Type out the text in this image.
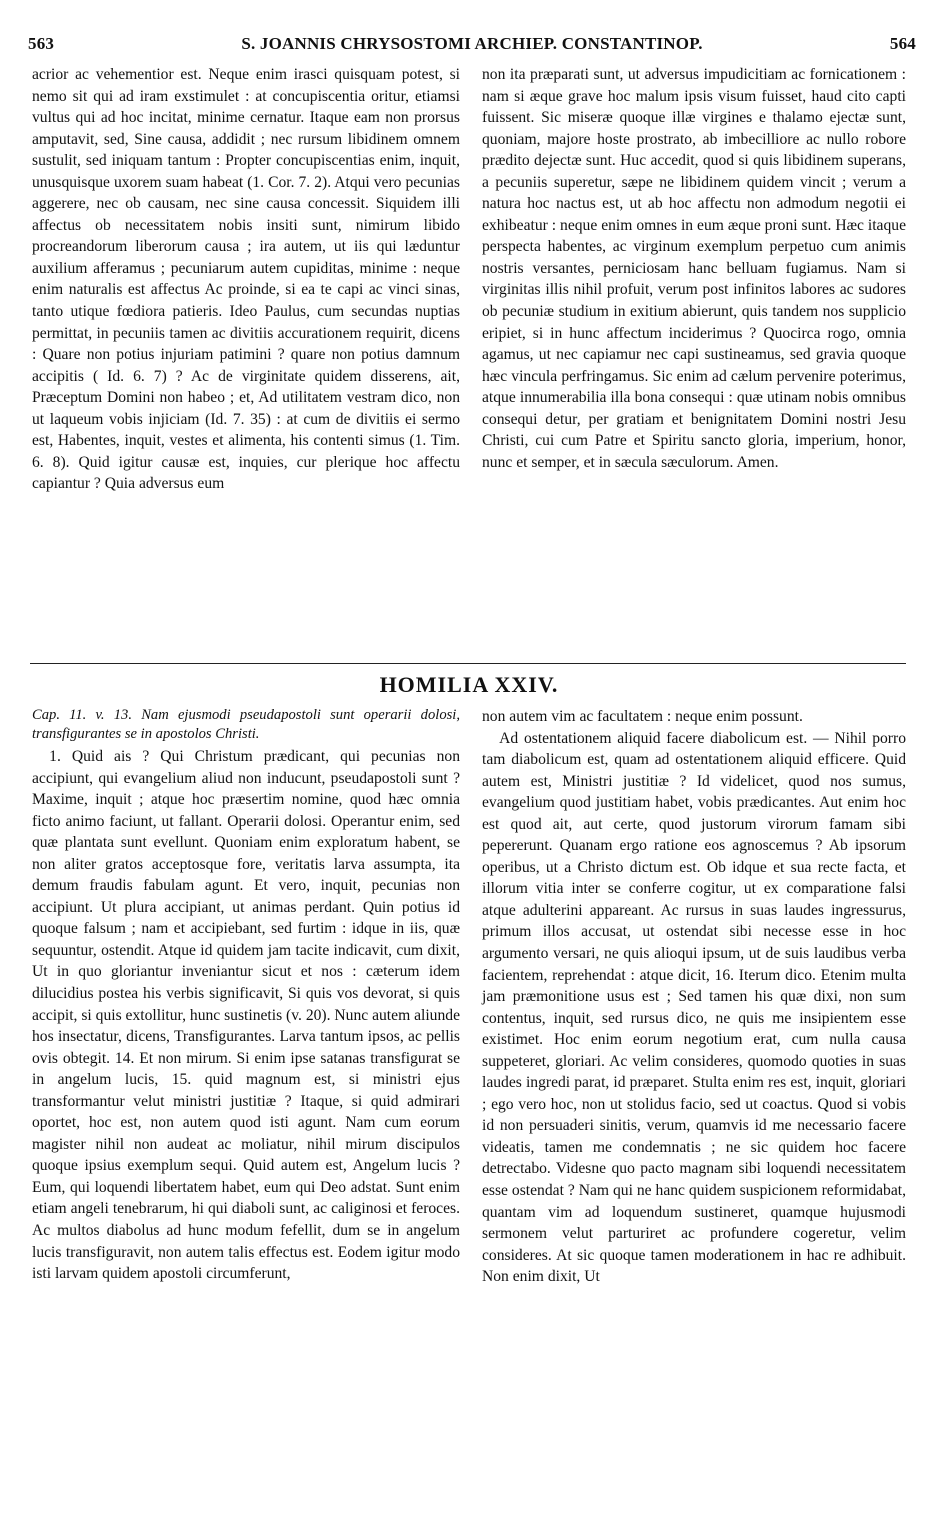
563	S. JOANNIS CHRYSOSTOMI ARCHIEP. CONSTANTINOP.	564

acrior ac vehementior est. Neque enim irasci quisquam potest, si nemo sit qui ad iram exstimulet : at concupiscentia oritur, etiamsi vultus qui ad hoc incitat, minime cernatur. Itaque eam non prorsus amputavit, sed, Sine causa, addidit ; nec rursum libidinem omnem sustulit, sed iniquam tantum : Propter concupiscentias enim, inquit, unusquisque uxorem suam habeat (1. Cor. 7. 2). Atqui vero pecunias aggerere, nec ob causam, nec sine causa concessit. Siquidem illi affectus ob necessitatem nobis insiti sunt, nimirum libido procreandorum liberorum causa ; ira autem, ut iis qui læduntur auxilium afferamus ; pecuniarum autem cupiditas, minime : neque enim naturalis est affectus Ac proinde, si ea te capi ac vinci sinas, tanto utique fœdiora patieris. Ideo Paulus, cum secundas nuptias permittat, in pecuniis tamen ac divitiis accurationem requirit, dicens : Quare non potius injuriam patimini ? quare non potius damnum accipitis ( Id. 6. 7) ? Ac de virginitate quidem disserens, ait, Præceptum Domini non habeo ; et, Ad utilitatem vestram dico, non ut laqueum vobis injiciam (Id. 7. 35) : at cum de divitiis ei sermo est, Habentes, inquit, vestes et alimenta, his contenti simus (1. Tim. 6. 8). Quid igitur causæ est, inquies, cur plerique hoc affectu capiantur ? Quia adversus eum

non ita præparati sunt, ut adversus impudicitiam ac fornicationem : nam si æque grave hoc malum ipsis visum fuisset, haud cito capti fuissent. Sic miseræ quoque illæ virgines e thalamo ejectæ sunt, quoniam, majore hoste prostrato, ab imbecilliore ac nullo robore prædito dejectæ sunt. Huc accedit, quod si quis libidinem superans, a pecuniis superetur, sæpe ne libidinem quidem vincit ; verum a natura hoc nactus est, ut ab hoc affectu non admodum negotii ei exhibeatur : neque enim omnes in eum æque proni sunt. Hæc itaque perspecta habentes, ac virginum exemplum perpetuo cum animis nostris versantes, perniciosam hanc belluam fugiamus. Nam si virginitas illis nihil profuit, verum post infinitos labores ac sudores ob pecuniæ studium in exitium abierunt, quis tandem nos supplicio eripiet, si in hunc affectum inciderimus ? Quocirca rogo, omnia agamus, ut nec capiamur nec capi sustineamus, sed gravia quoque hæc vincula perfringamus. Sic enim ad cælum pervenire poterimus, atque innumerabilia illa bona consequi : quæ utinam nobis omnibus consequi detur, per gratiam et benignitatem Domini nostri Jesu Christi, cui cum Patre et Spiritu sancto gloria, imperium, honor, nunc et semper, et in sæcula sæculorum. Amen.

HOMILIA XXIV.

Cap. 11. v. 13. Nam ejusmodi pseudapostoli sunt operarii dolosi, transfigurantes se in apostolos Christi.

1. Quid ais ? Qui Christum prædicant, qui pecunias non accipiunt, qui evangelium aliud non inducunt, pseudapostoli sunt ? Maxime, inquit ; atque hoc præsertim nomine, quod hæc omnia ficto animo faciunt, ut fallant. Operarii dolosi. Operantur enim, sed quæ plantata sunt evellunt. Quoniam enim exploratum habent, se non aliter gratos acceptosque fore, veritatis larva assumpta, ita demum fraudis fabulam agunt. Et vero, inquit, pecunias non accipiunt. Ut plura accipiant, ut animas perdant. Quin potius id quoque falsum ; nam et accipiebant, sed furtim : idque in iis, quæ sequuntur, ostendit. Atque id quidem jam tacite indicavit, cum dixit, Ut in quo gloriantur inveniantur sicut et nos : cæterum idem dilucidius postea his verbis significavit, Si quis vos devorat, si quis accipit, si quis extollitur, hunc sustinetis (v. 20). Nunc autem aliunde hos insectatur, dicens, Transfigurantes. Larva tantum ipsos, ac pellis ovis obtegit. 14. Et non mirum. Si enim ipse satanas transfigurat se in angelum lucis, 15. quid magnum est, si ministri ejus transformantur velut ministri justitiæ ? Itaque, si quid admirari oportet, hoc est, non autem quod isti agunt. Nam cum eorum magister nihil non audeat ac moliatur, nihil mirum discipulos quoque ipsius exemplum sequi. Quid autem est, Angelum lucis ? Eum, qui loquendi libertatem habet, eum qui Deo adstat. Sunt enim etiam angeli tenebrarum, hi qui diaboli sunt, ac caliginosi et feroces. Ac multos diabolus ad hunc modum fefellit, dum se in angelum lucis transfiguravit, non autem talis effectus est. Eodem igitur modo isti larvam quidem apostoli circumferunt,

non autem vim ac facultatem : neque enim possunt.

Ad ostentationem aliquid facere diabolicum est. — Nihil porro tam diabolicum est, quam ad ostentationem aliquid efficere. Quid autem est, Ministri justitiæ ? Id videlicet, quod nos sumus, evangelium quod justitiam habet, vobis prædicantes. Aut enim hoc est quod ait, aut certe, quod justorum virorum famam sibi pepererunt. Quanam ergo ratione eos agnoscemus ? Ab ipsorum operibus, ut a Christo dictum est. Ob idque et sua recte facta, et illorum vitia inter se conferre cogitur, ut ex comparatione falsi atque adulterini appareant. Ac rursus in suas laudes ingressurus, primum illos accusat, ut ostendat sibi necesse esse in hoc argumento versari, ne quis alioqui ipsum, ut de suis laudibus verba facientem, reprehendat : atque dicit, 16. Iterum dico. Etenim multa jam præmonitione usus est ; Sed tamen his quæ dixi, non sum contentus, inquit, sed rursus dico, ne quis me insipientem esse existimet. Hoc enim eorum negotium erat, cum nulla causa suppeteret, gloriari. Ac velim consideres, quomodo quoties in suas laudes ingredi parat, id præparet. Stulta enim res est, inquit, gloriari ; ego vero hoc, non ut stolidus facio, sed ut coactus. Quod si vobis id non persuaderi sinitis, verum, quamvis id me necessario facere videatis, tamen me condemnatis ; ne sic quidem hoc facere detrectabo. Videsne quo pacto magnam sibi loquendi necessitatem esse ostendat ? Nam qui ne hanc quidem suspicionem reformidabat, quantam vim ad loquendum sustineret, quamque hujusmodi sermonem velut parturiret ac profundere cogeretur, velim consideres. At sic quoque tamen moderationem in hac re adhibuit. Non enim dixit, Ut
